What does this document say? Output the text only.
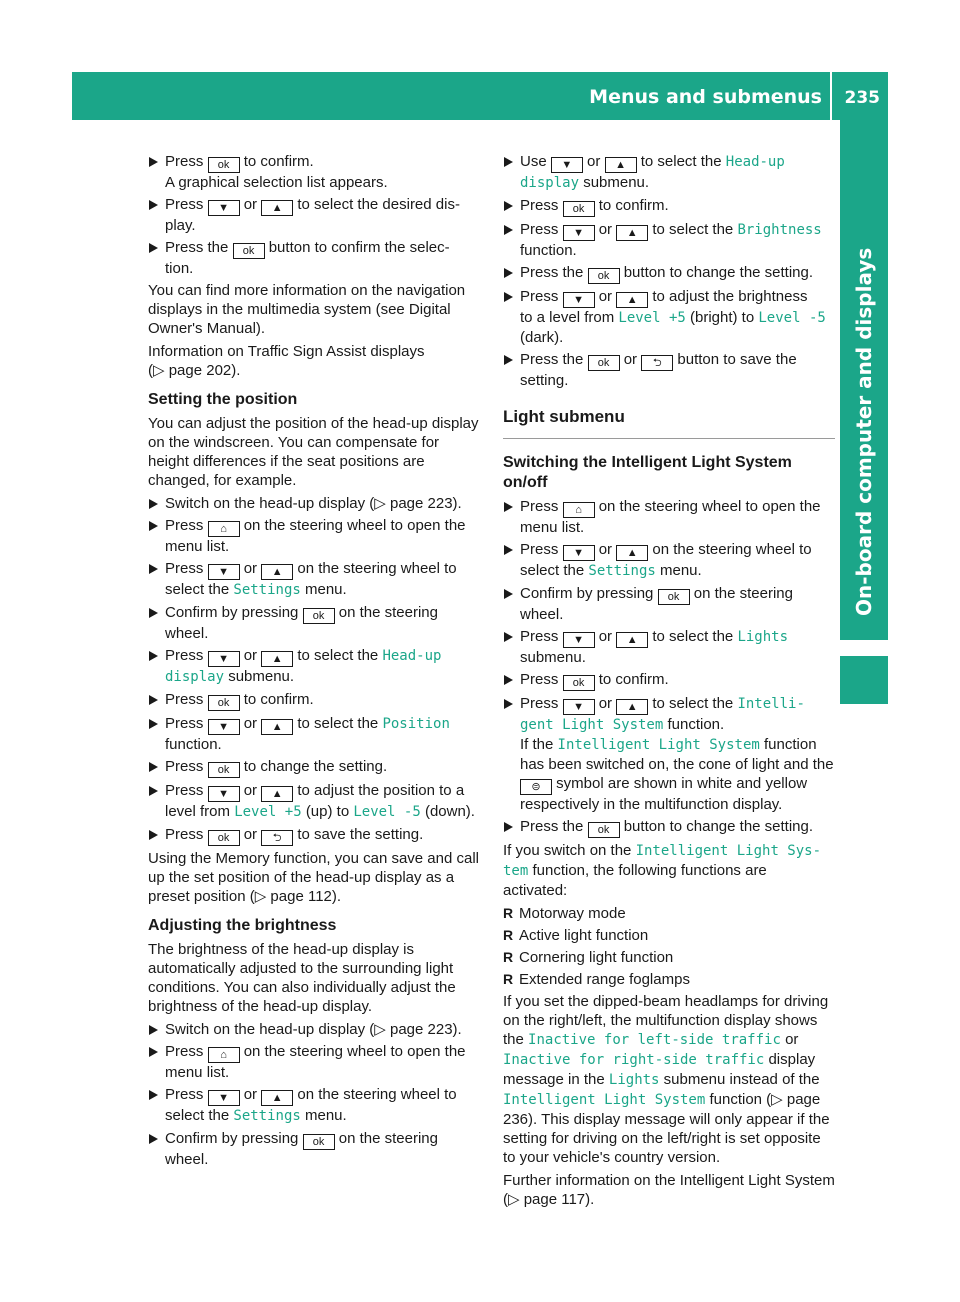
Menus and submenus 235
On-board computer and displays
Press ok to confirm.
A graphical selection list appears.
Press ▼ or ▲ to select the desired dis-
play.
Press the ok button to confirm the selec-
tion.

You can find more information on the navigation displays in the multimedia system (see Digital Owner's Manual).

Information on Traffic Sign Assist displays
(▷ page 202).

Setting the position

You can adjust the position of the head-up display on the windscreen. You can compensate for height differences if the seat positions are changed, for example.

Switch on the head-up display (▷ page 223).
Press ⌂ on the steering wheel to open the
menu list.
Press ▼ or ▲ on the steering wheel to
select the Settings menu.
Confirm by pressing ok on the steering
wheel.
Press ▼ or ▲ to select the Head-up
display submenu.
Press ok to confirm.
Press ▼ or ▲ to select the Position
function.
Press ok to change the setting.
Press ▼ or ▲ to adjust the position to a
level from Level +5 (up) to Level -5 (down).
Press ok or ⮌ to save the setting.

Using the Memory function, you can save and call up the set position of the head-up display as a preset position (▷ page 112).

Adjusting the brightness

The brightness of the head-up display is automatically adjusted to the surrounding light conditions. You can also individually adjust the brightness of the head-up display.

Switch on the head-up display (▷ page 223).
Press ⌂ on the steering wheel to open the
menu list.
Press ▼ or ▲ on the steering wheel to
select the Settings menu.
Confirm by pressing ok on the steering
wheel.
Use ▼ or ▲ to select the Head-up
display submenu.
Press ok to confirm.
Press ▼ or ▲ to select the Brightness
function.
Press the ok button to change the setting.
Press ▼ or ▲ to adjust the brightness
to a level from Level +5 (bright) to Level -5
(dark).
Press the ok or ⮌ button to save the
setting.
Light submenu
Switching the Intelligent Light System on/off
Press ⌂ on the steering wheel to open the
menu list.
Press ▼ or ▲ on the steering wheel to
select the Settings menu.
Confirm by pressing ok on the steering
wheel.
Press ▼ or ▲ to select the Lights
submenu.
Press ok to confirm.
Press ▼ or ▲ to select the Intelli‐
gent Light System function.
If the Intelligent Light System function has been switched on, the cone of light and the ⊜ symbol are shown in white and yellow respectively in the multifunction display.
Press the ok button to change the setting.

If you switch on the Intelligent Light Sys‐
tem function, the following functions are activated:

R Motorway mode
R Active light function
R Cornering light function
R Extended range foglamps

If you set the dipped-beam headlamps for driving on the right/left, the multifunction display shows the Inactive for left-side traffic or Inactive for right-side traffic display message in the Lights submenu instead of the Intelligent Light System function (▷ page 236). This display message will only appear if the setting for driving on the left/right is set opposite to your vehicle's country version.

Further information on the Intelligent Light System (▷ page 117).
